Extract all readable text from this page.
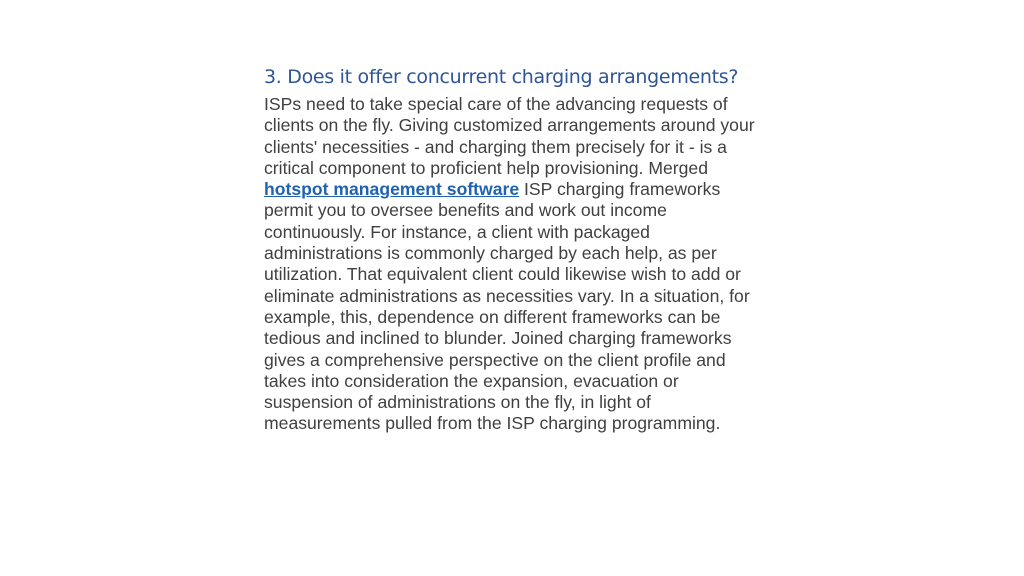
3. Does it offer concurrent charging arrangements?

ISPs need to take special care of the advancing requests of clients on the fly. Giving customized arrangements around your clients' necessities - and charging them precisely for it - is a critical component to proficient help provisioning. Merged hotspot management software ISP charging frameworks permit you to oversee benefits and work out income continuously. For instance, a client with packaged administrations is commonly charged by each help, as per utilization. That equivalent client could likewise wish to add or eliminate administrations as necessities vary. In a situation, for example, this, dependence on different frameworks can be tedious and inclined to blunder. Joined charging frameworks gives a comprehensive perspective on the client profile and takes into consideration the expansion, evacuation or suspension of administrations on the fly, in light of measurements pulled from the ISP charging programming.
